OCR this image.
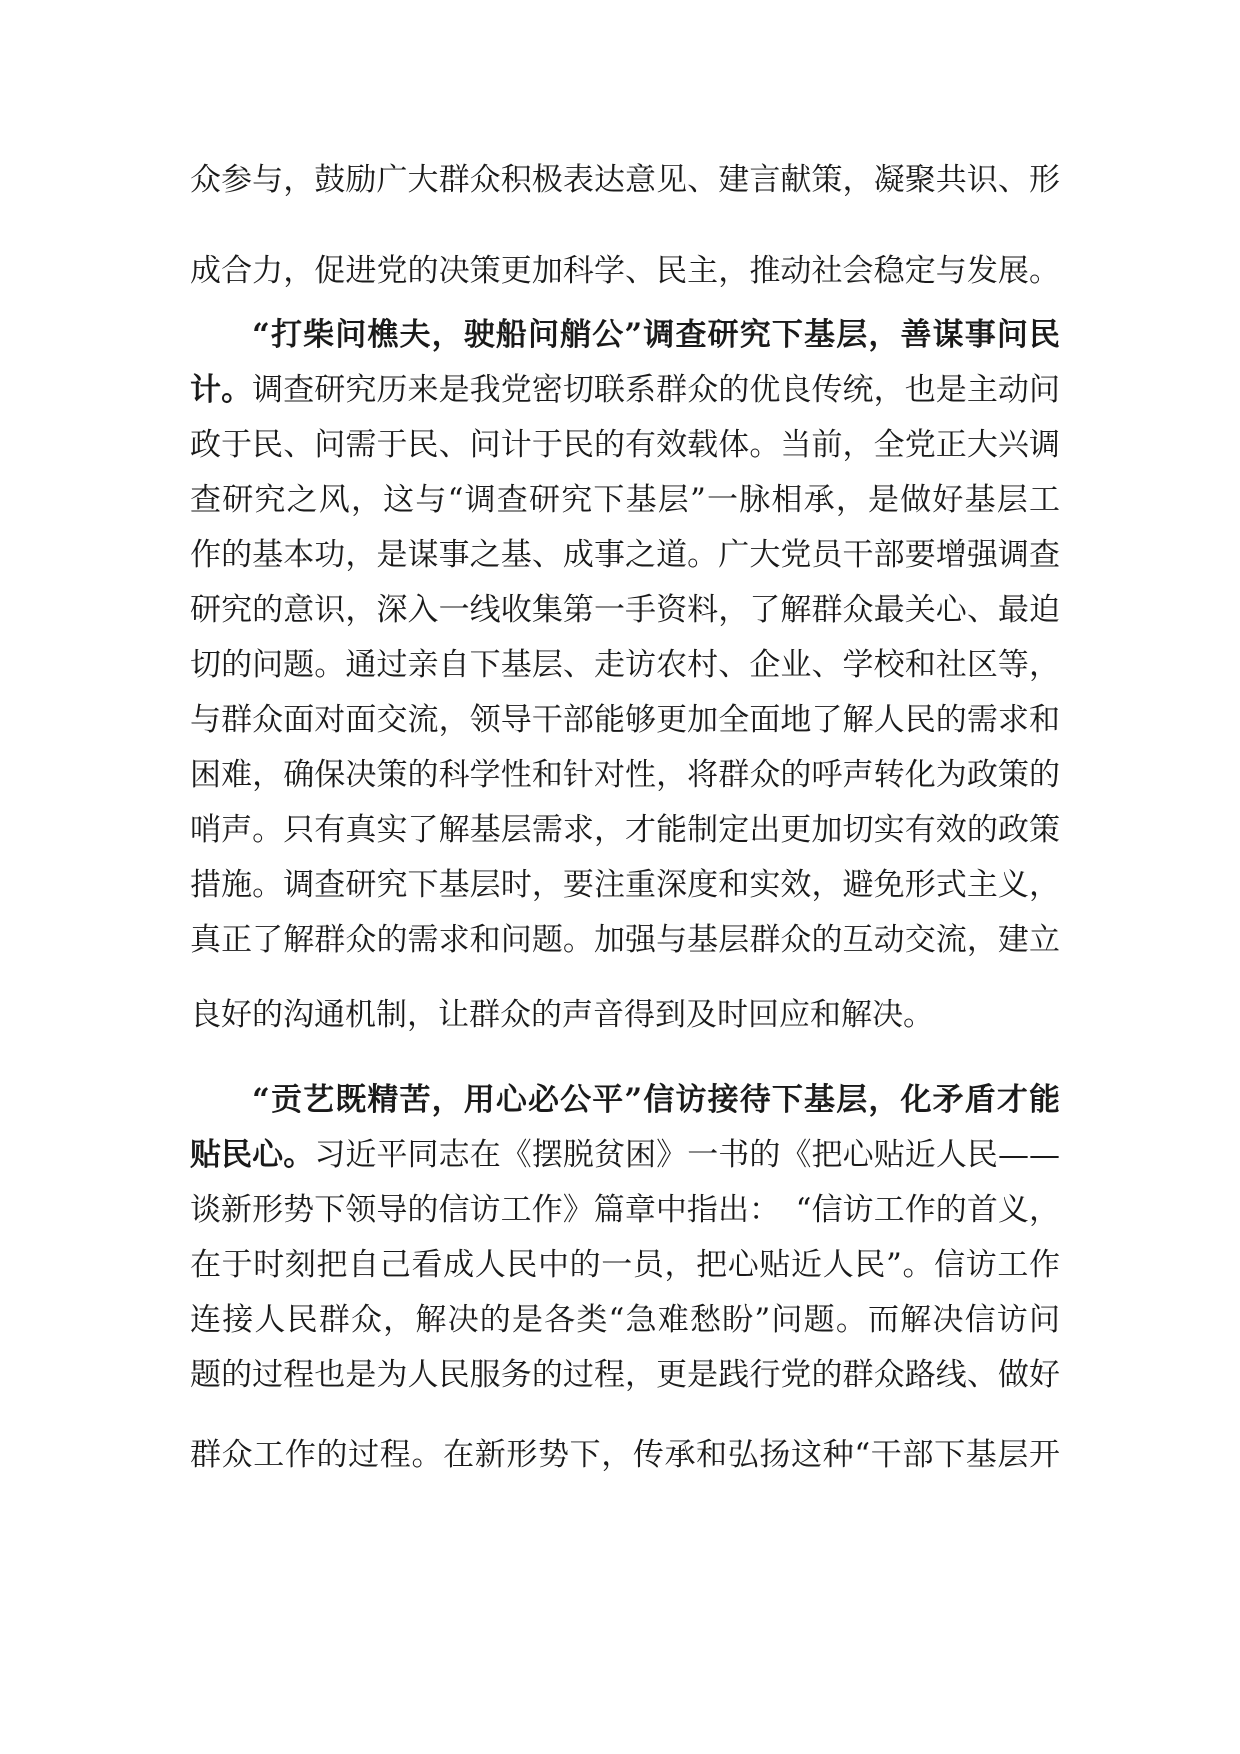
众参与，鼓励广大群众积极表达意见、建言献策，凝聚共识、形
成合力，促进党的决策更加科学、民主，推动社会稳定与发展。
“打柴问樵夫，驶船问艄公”调查研究下基层，善谋事问民
计。调查研究历来是我党密切联系群众的优良传统，也是主动问
政于民、问需于民、问计于民的有效载体。当前，全党正大兴调
查研究之风，这与“调查研究下基层”一脉相承，是做好基层工
作的基本功，是谋事之基、成事之道。广大党员干部要增强调查
研究的意识，深入一线收集第一手资料，了解群众最关心、最迫
切的问题。通过亲自下基层、走访农村、企业、学校和社区等，
与群众面对面交流，领导干部能够更加全面地了解人民的需求和
困难，确保决策的科学性和针对性，将群众的呼声转化为政策的
哨声。只有真实了解基层需求，才能制定出更加切实有效的政策
措施。调查研究下基层时，要注重深度和实效，避免形式主义，
真正了解群众的需求和问题。加强与基层群众的互动交流，建立
良好的沟通机制，让群众的声音得到及时回应和解决。
“贡艺既精苦，用心必公平”信访接待下基层，化矛盾才能
贴民心。习近平同志在《摆脱贫困》一书的《把心贴近人民——
谈新形势下领导的信访工作》篇章中指出：　“信访工作的首义，
在于时刻把自己看成人民中的一员，把心贴近人民”。信访工作
连接人民群众，解决的是各类“急难愁盼”问题。而解决信访问
题的过程也是为人民服务的过程，更是践行党的群众路线、做好
群众工作的过程。在新形势下，传承和弘扬这种“干部下基层开
